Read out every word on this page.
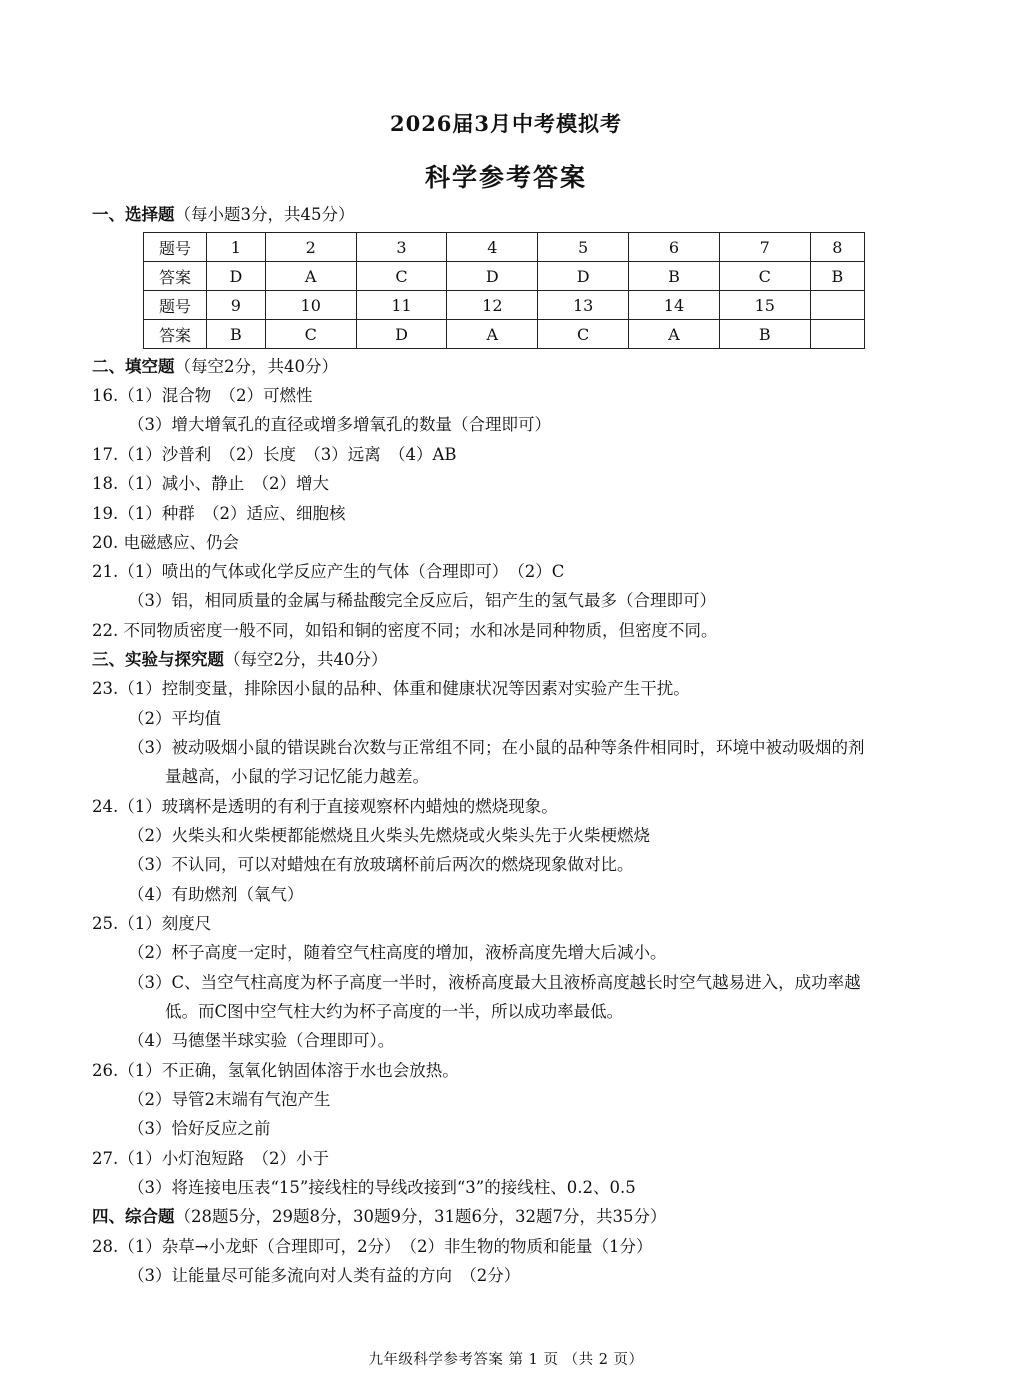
2026届3月中考模拟考
科学参考答案
一、选择题（每小题3分，共45分）
题号	1	2	3	4	5	6	7	8
答案	D	A	C	D	D	B	C	B
题号	9	10	11	12	13	14	15	
答案	B	C	D	A	C	A	B	
二、填空题（每空2分，共40分）
16.（1）混合物　（2）可燃性
（3）增大增氧孔的直径或增多增氧孔的数量（合理即可）
17.（1）沙普利　（2）长度　（3）远离　（4）AB
18.（1）减小、静止　（2）增大
19.（1）种群　（2）适应、细胞核
20. 电磁感应、仍会
21.（1）喷出的气体或化学反应产生的气体（合理即可）　（2）C
（3）铝，相同质量的金属与稀盐酸完全反应后，铝产生的氢气最多（合理即可）
22. 不同物质密度一般不同，如铅和铜的密度不同；水和冰是同种物质，但密度不同。
三、实验与探究题（每空2分，共40分）
23.（1）控制变量，排除因小鼠的品种、体重和健康状况等因素对实验产生干扰。
（2）平均值
（3）被动吸烟小鼠的错误跳台次数与正常组不同；在小鼠的品种等条件相同时，环境中被动吸烟的剂
量越高，小鼠的学习记忆能力越差。
24.（1）玻璃杯是透明的有利于直接观察杯内蜡烛的燃烧现象。
（2）火柴头和火柴梗都能燃烧且火柴头先燃烧或火柴头先于火柴梗燃烧
（3）不认同，可以对蜡烛在有放玻璃杯前后两次的燃烧现象做对比。
（4）有助燃剂（氧气）
25.（1）刻度尺
（2）杯子高度一定时，随着空气柱高度的增加，液桥高度先增大后减小。
（3）C、当空气柱高度为杯子高度一半时，液桥高度最大且液桥高度越长时空气越易进入，成功率越
低。而C图中空气柱大约为杯子高度的一半，所以成功率最低。
（4）马德堡半球实验（合理即可）。
26.（1）不正确，氢氧化钠固体溶于水也会放热。
（2）导管2末端有气泡产生
（3）恰好反应之前
27.（1）小灯泡短路　（2）小于
（3）将连接电压表“15”接线柱的导线改接到“3”的接线柱、0.2、0.5
四、综合题（28题5分，29题8分，30题9分，31题6分，32题7分，共35分）
28.（1）杂草→小龙虾（合理即可，2分）　（2）非生物的物质和能量（1分）
（3）让能量尽可能多流向对人类有益的方向　（2分）
九年级科学参考答案 第 1 页 （共 2 页）
